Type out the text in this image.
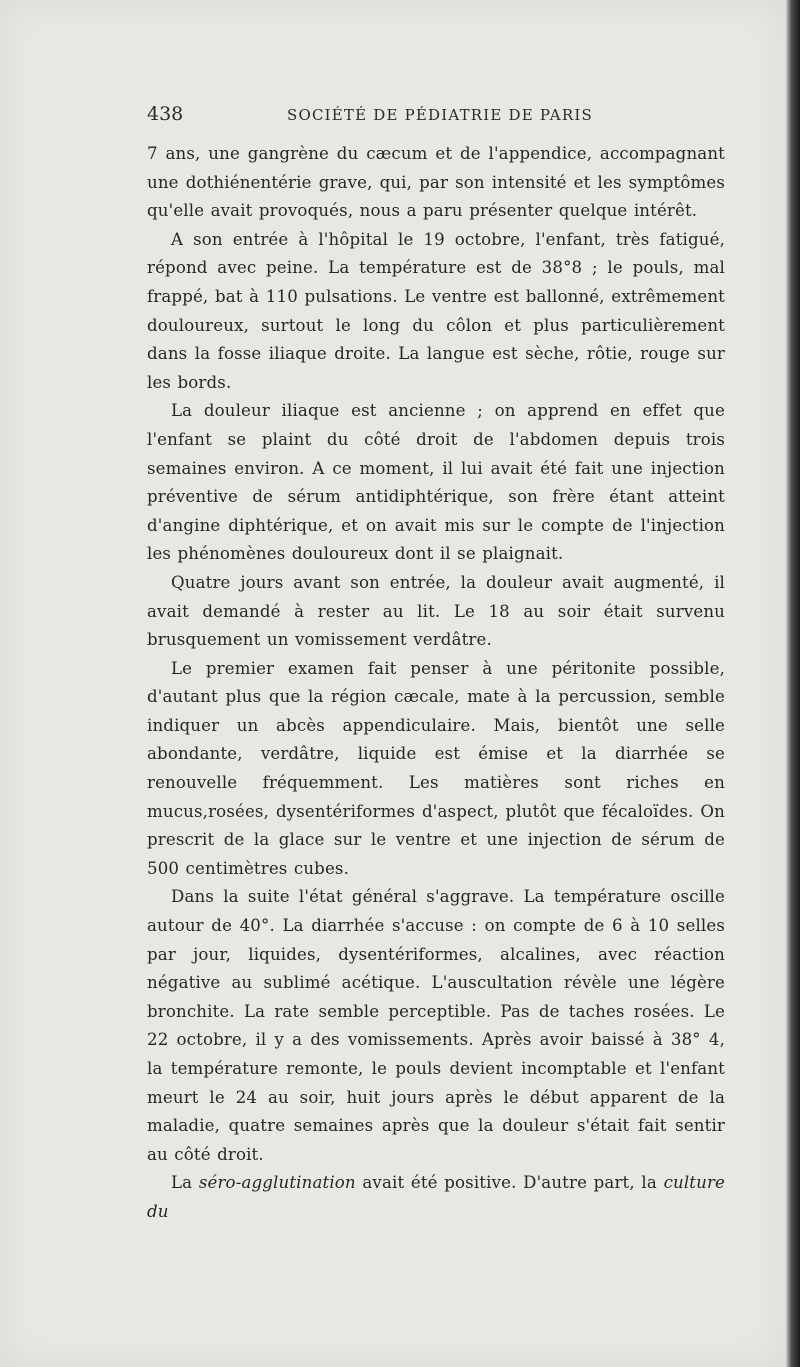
438	SOCIÉTÉ DE PÉDIATRIE DE PARIS

7 ans, une gangrène du cæcum et de l'appendice, accompagnant une dothiénentérie grave, qui, par son intensité et les symptômes qu'elle avait provoqués, nous a paru présenter quelque intérêt.

A son entrée à l'hôpital le 19 octobre, l'enfant, très fatigué, répond avec peine. La température est de 38°8 ; le pouls, mal frappé, bat à 110 pulsations. Le ventre est ballonné, extrêmement douloureux, surtout le long du côlon et plus particulièrement dans la fosse iliaque droite. La langue est sèche, rôtie, rouge sur les bords.

La douleur iliaque est ancienne ; on apprend en effet que l'enfant se plaint du côté droit de l'abdomen depuis trois semaines environ. A ce moment, il lui avait été fait une injection préventive de sérum antidiphtérique, son frère étant atteint d'angine diphtérique, et on avait mis sur le compte de l'injection les phénomènes douloureux dont il se plaignait.

Quatre jours avant son entrée, la douleur avait augmenté, il avait demandé à rester au lit. Le 18 au soir était survenu brusquement un vomissement verdâtre.

Le premier examen fait penser à une péritonite possible, d'autant plus que la région cæcale, mate à la percussion, semble indiquer un abcès appendiculaire. Mais, bientôt une selle abondante, verdâtre, liquide est émise et la diarrhée se renouvelle fréquemment. Les matières sont riches en mucus,rosées, dysentériformes d'aspect, plutôt que fécaloïdes. On prescrit de la glace sur le ventre et une injection de sérum de 500 centimètres cubes.

Dans la suite l'état général s'aggrave. La température oscille autour de 40°. La diarrhée s'accuse : on compte de 6 à 10 selles par jour, liquides, dysentériformes, alcalines, avec réaction négative au sublimé acétique. L'auscultation révèle une légère bronchite. La rate semble perceptible. Pas de taches rosées. Le 22 octobre, il y a des vomissements. Après avoir baissé à 38° 4, la température remonte, le pouls devient incomptable et l'enfant meurt le 24 au soir, huit jours après le début apparent de la maladie, quatre semaines après que la douleur s'était fait sentir au côté droit.

La séro-agglutination avait été positive. D'autre part, la culture du
